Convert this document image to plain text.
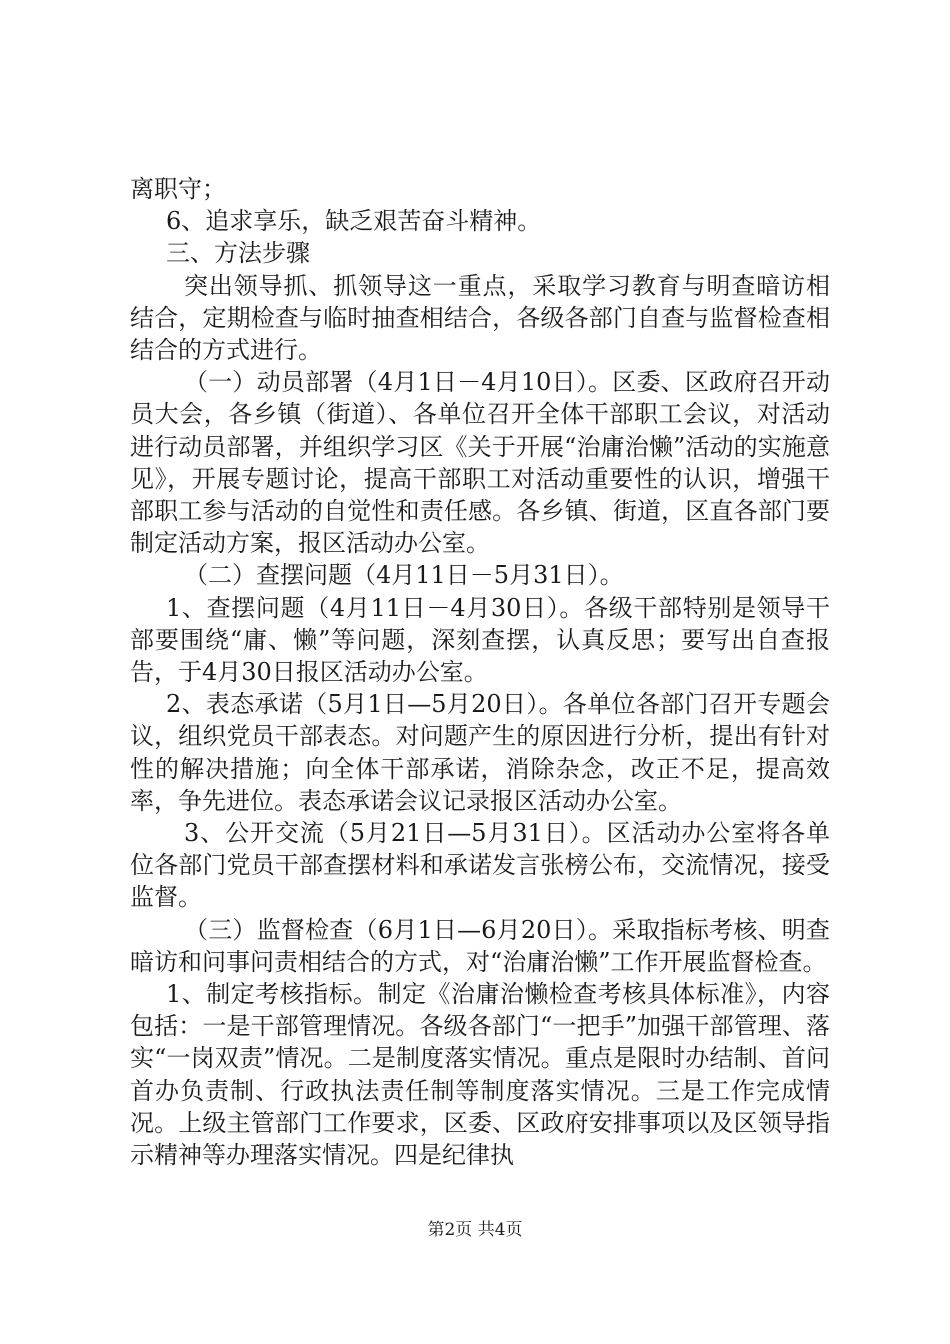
离职守；

6、追求享乐，缺乏艰苦奋斗精神。

三、方法步骤

突出领导抓、抓领导这一重点，采取学习教育与明查暗访相结合，定期检查与临时抽查相结合，各级各部门自查与监督检查相结合的方式进行。

（一）动员部署（4月1日－4月10日）。区委、区政府召开动员大会，各乡镇（街道）、各单位召开全体干部职工会议，对活动进行动员部署，并组织学习区《关于开展“治庸治懒”活动的实施意见》，开展专题讨论，提高干部职工对活动重要性的认识，增强干部职工参与活动的自觉性和责任感。各乡镇、街道，区直各部门要制定活动方案，报区活动办公室。

（二）查摆问题（4月11日－5月31日）。

1、查摆问题（4月11日－4月30日）。各级干部特别是领导干部要围绕“庸、懒”等问题，深刻查摆，认真反思；要写出自查报告，于4月30日报区活动办公室。

2、表态承诺（5月1日—5月20日）。各单位各部门召开专题会议，组织党员干部表态。对问题产生的原因进行分析，提出有针对性的解决措施；向全体干部承诺，消除杂念，改正不足，提高效率，争先进位。表态承诺会议记录报区活动办公室。

3、公开交流（5月21日—5月31日）。区活动办公室将各单位各部门党员干部查摆材料和承诺发言张榜公布，交流情况，接受监督。

（三）监督检查（6月1日—6月20日）。采取指标考核、明查暗访和问事问责相结合的方式，对“治庸治懒”工作开展监督检查。

1、制定考核指标。制定《治庸治懒检查考核具体标准》，内容包括：一是干部管理情况。各级各部门“一把手”加强干部管理、落实“一岗双责”情况。二是制度落实情况。重点是限时办结制、首问首办负责制、行政执法责任制等制度落实情况。三是工作完成情况。上级主管部门工作要求，区委、区政府安排事项以及区领导指示精神等办理落实情况。四是纪律执

第2页 共4页
